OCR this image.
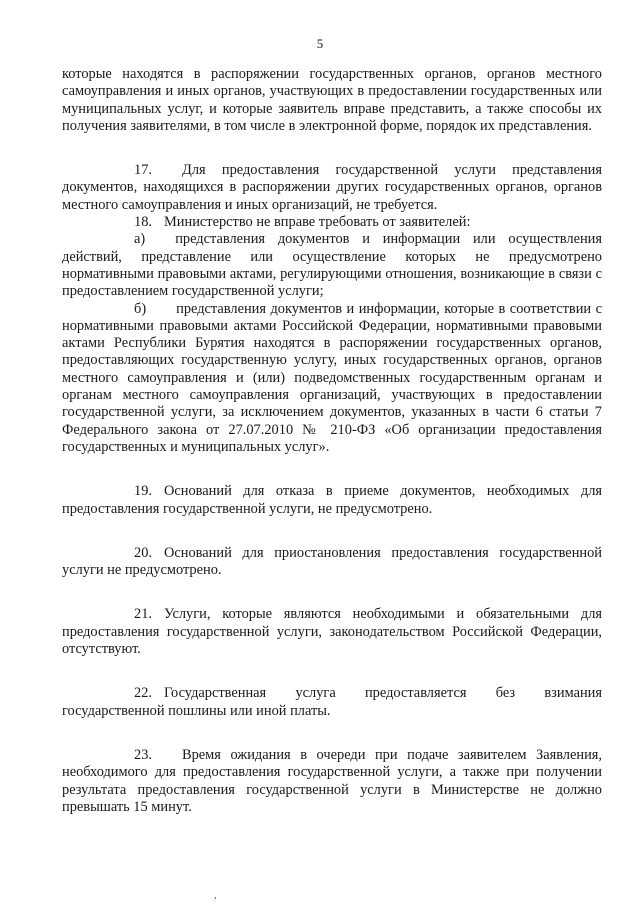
5

которые находятся в распоряжении государственных органов, органов местного самоуправления и иных органов, участвующих в предоставлении государственных или муниципальных услуг, и которые заявитель вправе представить, а также способы их получения заявителями, в том числе в электронной форме, порядок их представления.

17. Для предоставления государственной услуги представления документов, находящихся в распоряжении других государственных органов, органов местного самоуправления и иных организаций, не требуется.

18. Министерство не вправе требовать от заявителей:

а) представления документов и информации или осуществления действий, представление или осуществление которых не предусмотрено нормативными правовыми актами, регулирующими отношения, возникающие в связи с предоставлением государственной услуги;

б) представления документов и информации, которые в соответствии с нормативными правовыми актами Российской Федерации, нормативными правовыми актами Республики Бурятия находятся в распоряжении государственных органов, предоставляющих государственную услугу, иных государственных органов, органов местного самоуправления и (или) подведомственных государственным органам и органам местного самоуправления организаций, участвующих в предоставлении государственной услуги, за исключением документов, указанных в части 6 статьи 7 Федерального закона от 27.07.2010 № 210-ФЗ «Об организации предоставления государственных и муниципальных услуг».

19. Оснований для отказа в приеме документов, необходимых для предоставления государственной услуги, не предусмотрено.

20. Оснований для приостановления предоставления государственной услуги не предусмотрено.

21. Услуги, которые являются необходимыми и обязательными для предоставления государственной услуги, законодательством Российской Федерации, отсутствуют.

22. Государственная услуга предоставляется без взимания государственной пошлины или иной платы.

23. Время ожидания в очереди при подаче заявителем Заявления, необходимого для предоставления государственной услуги, а также при получении результата предоставления государственной услуги в Министерстве не должно превышать 15 минут.

,
